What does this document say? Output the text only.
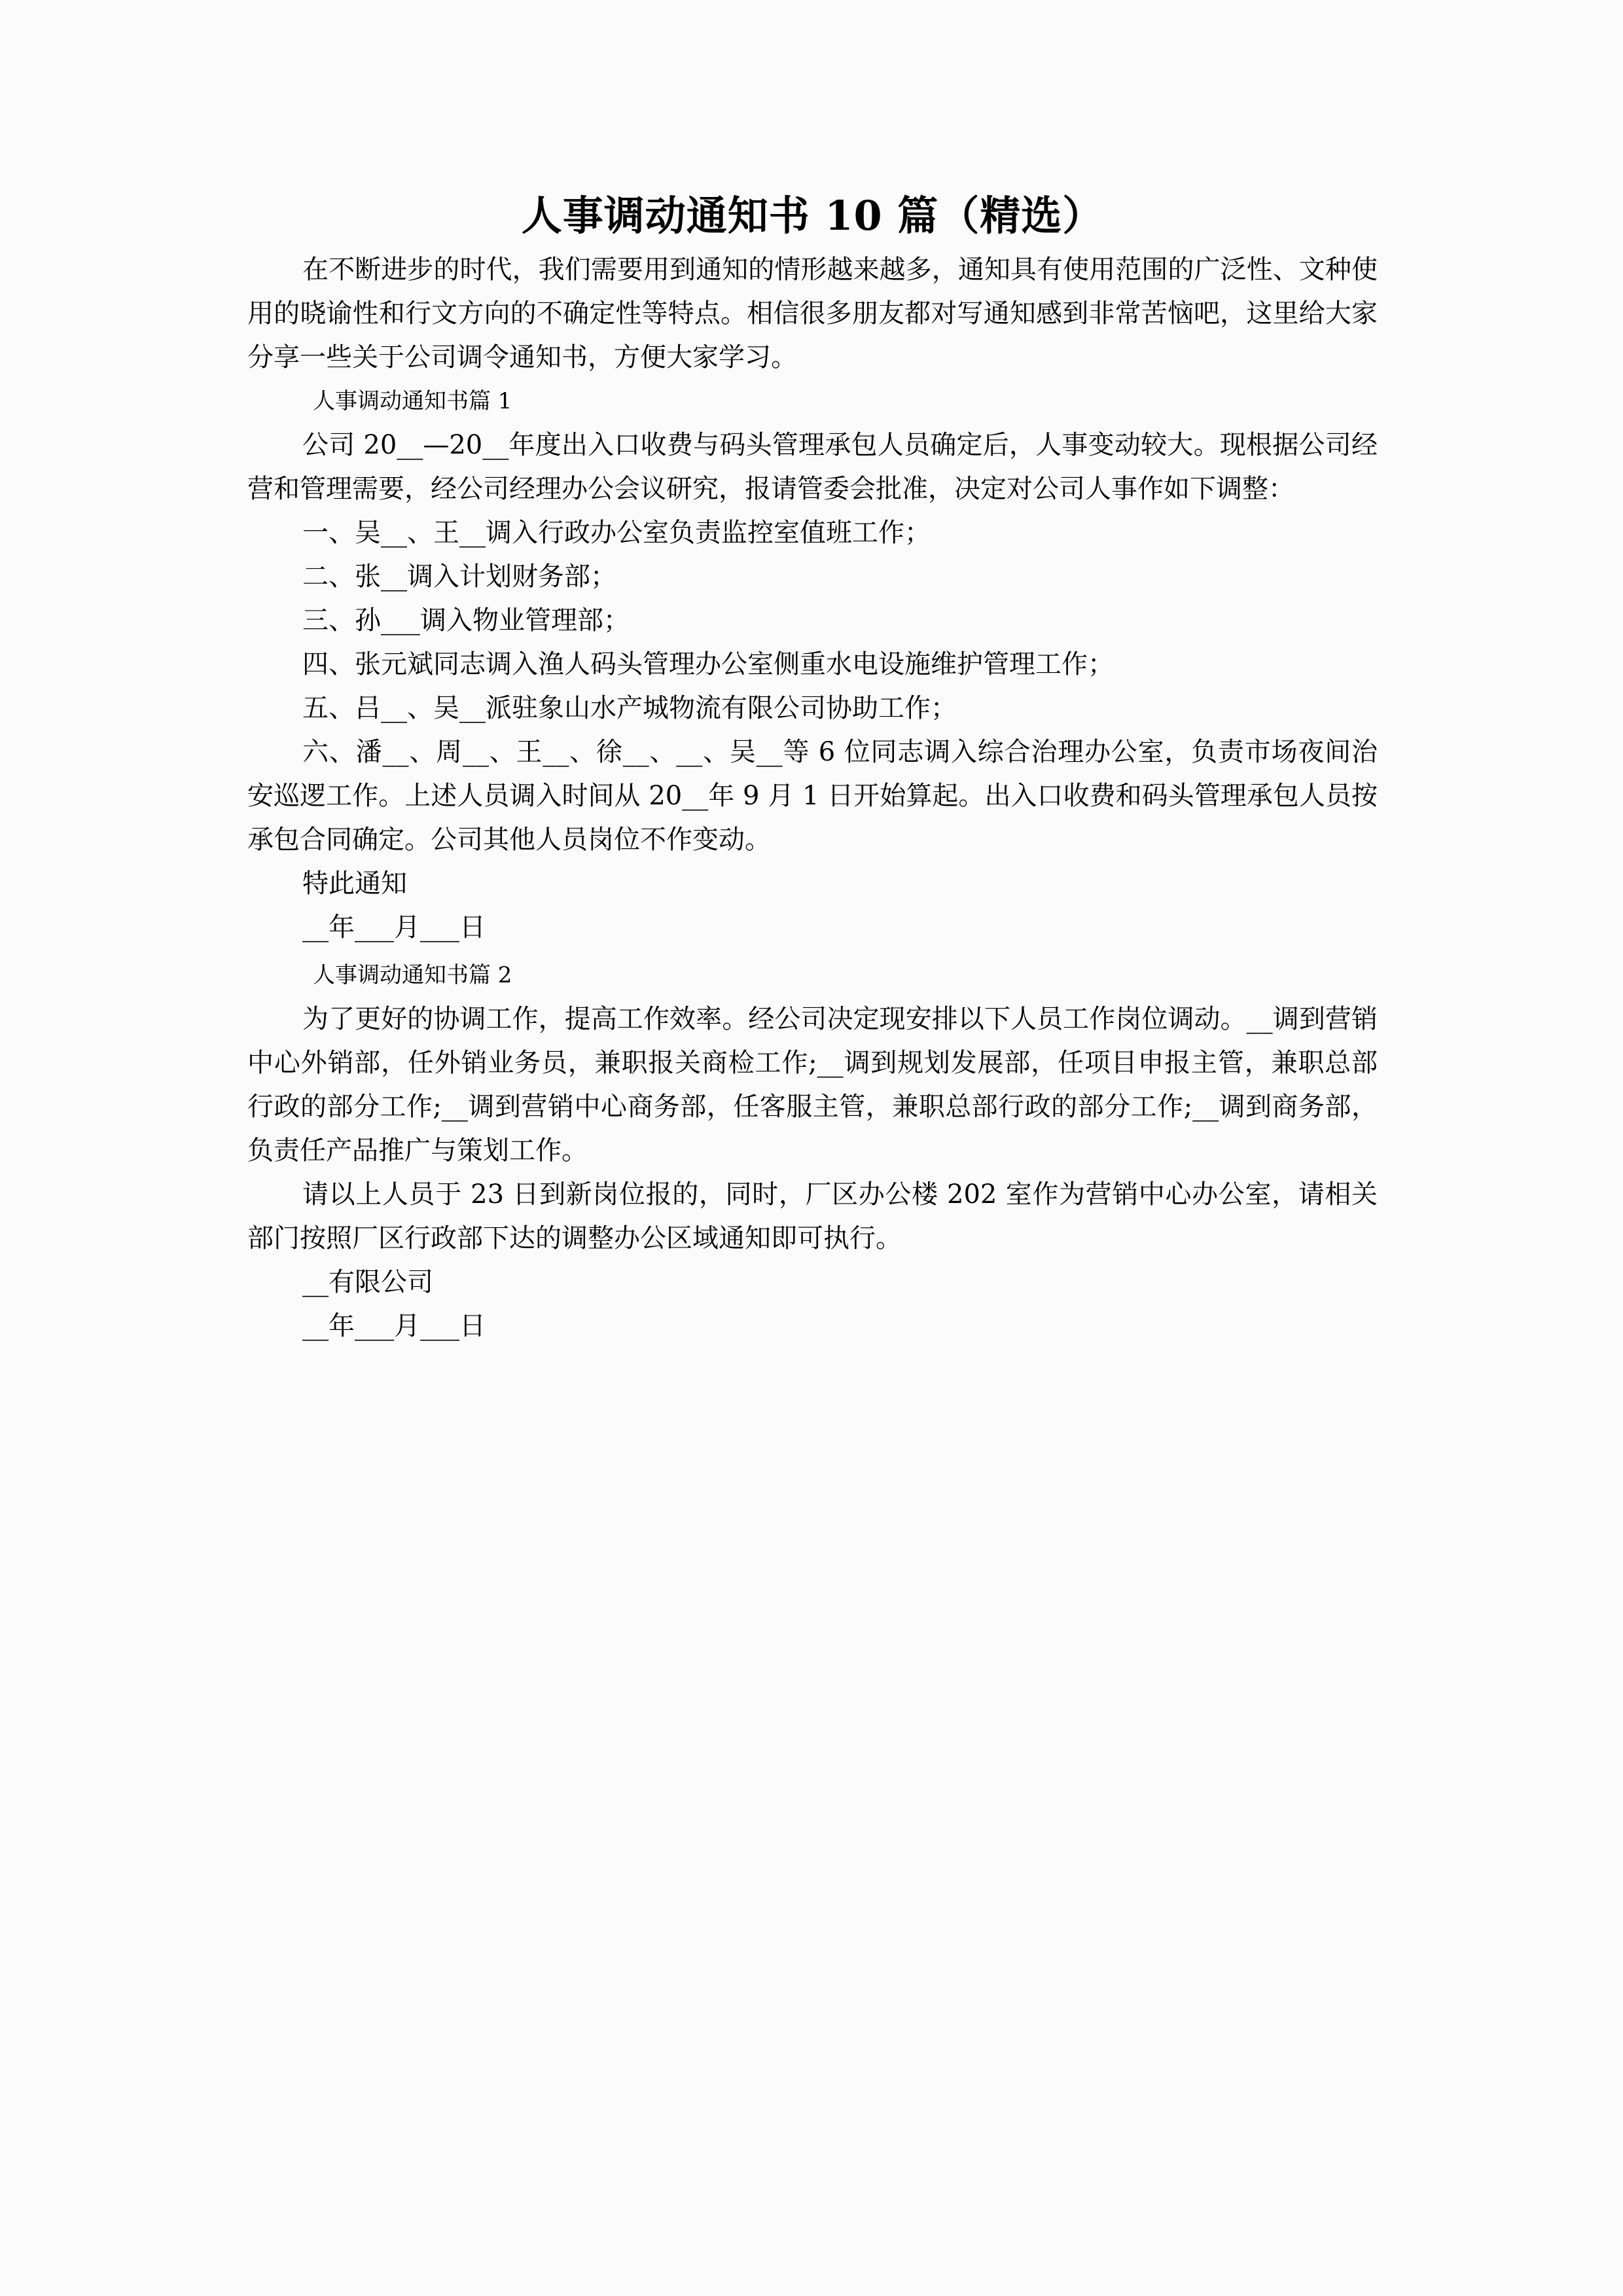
人事调动通知书 10 篇（精选）

在不断进步的时代，我们需要用到通知的情形越来越多，通知具有使用范围的广泛性、文种使用的晓谕性和行文方向的不确定性等特点。相信很多朋友都对写通知感到非常苦恼吧，这里给大家分享一些关于公司调令通知书，方便大家学习。

人事调动通知书篇 1

公司 20__—20__年度出入口收费与码头管理承包人员确定后，人事变动较大。现根据公司经营和管理需要，经公司经理办公会议研究，报请管委会批准，决定对公司人事作如下调整：

一、吴__、王__调入行政办公室负责监控室值班工作；

二、张__调入计划财务部；

三、孙___调入物业管理部；

四、张元斌同志调入渔人码头管理办公室侧重水电设施维护管理工作；

五、吕__、吴__派驻象山水产城物流有限公司协助工作；

六、潘__、周__、王__、徐__、__、吴__等 6 位同志调入综合治理办公室，负责市场夜间治安巡逻工作。上述人员调入时间从 20__年 9 月 1 日开始算起。出入口收费和码头管理承包人员按承包合同确定。公司其他人员岗位不作变动。

特此通知

__年___月___日

人事调动通知书篇 2

为了更好的协调工作，提高工作效率。经公司决定现安排以下人员工作岗位调动。__调到营销中心外销部，任外销业务员，兼职报关商检工作;__调到规划发展部，任项目申报主管，兼职总部行政的部分工作;__调到营销中心商务部，任客服主管，兼职总部行政的部分工作;__调到商务部，负责任产品推广与策划工作。

请以上人员于 23 日到新岗位报的，同时，厂区办公楼 202 室作为营销中心办公室，请相关部门按照厂区行政部下达的调整办公区域通知即可执行。

__有限公司

__年___月___日
